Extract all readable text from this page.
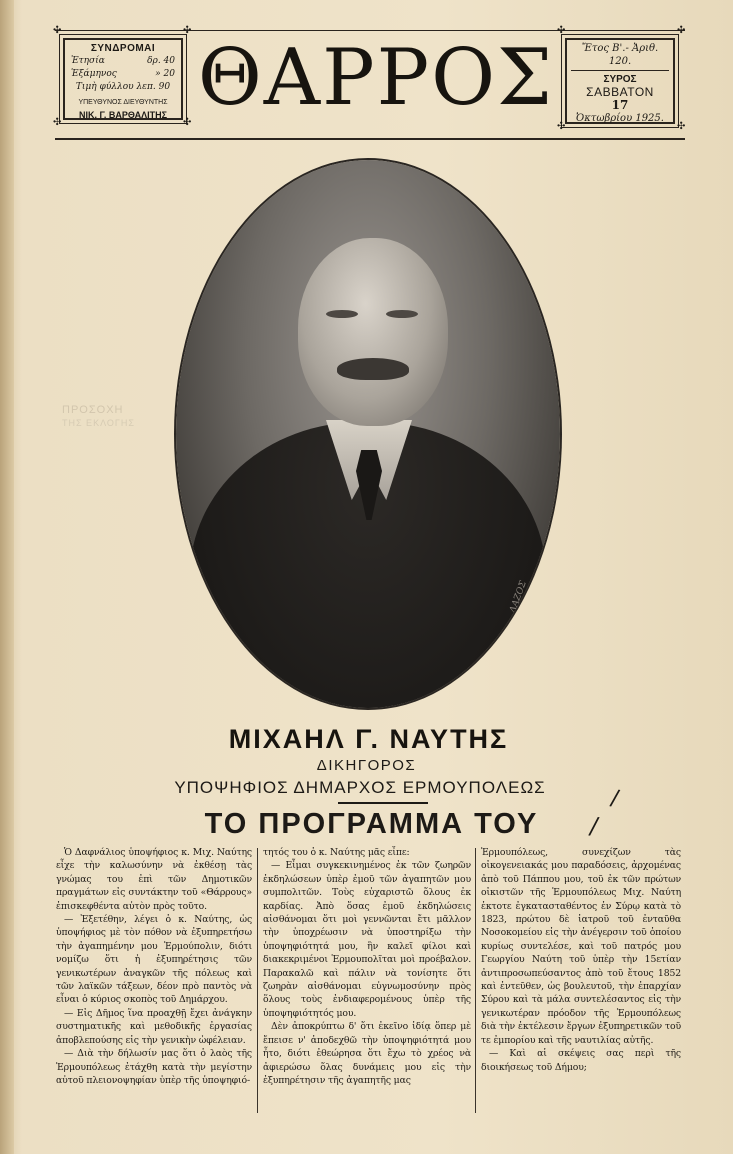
ΠΡΟΣΟΧΗ
ΤΗΣ ΕΚΛΟΓΗΣ
ΣΥΝΔΡΟΜΑΙ
Ἐτησία	δρ. 40
Ἑξάμηνος	» 20
Τιμὴ φύλλου λεπ. 90
ΥΠΕΥΘΥΝΟΣ ΔΙΕΥΘΥΝΤΗΣ
ΝΙΚ. Γ. ΒΑΡΘΑΛΙΤΗΣ ΘΑΡΡΟΣ	Ἔτος Β'.- Ἀριθ. 120.
ΣΥΡΟΣ
ΣΑΒΒΑΤΟΝ
17
Ὀκτωβρίου 1925.
✣	✣
✣	✣
✣	✣
✣	✣
ΛΑΖΟΣ
ΜΙΧΑΗΛ Γ. ΝΑΥΤΗΣ
ΔΙΚΗΓΟΡΟΣ
ΥΠΟΨΗΦΙΟΣ ΔΗΜΑΡΧΟΣ ΕΡΜΟΥΠΟΛΕΩΣ	/
ΤΟ ΠΡΟΓΡΑΜΜΑ ΤΟΥ	/

Ὁ Δαφνάλιος ὑποψήφιος κ. Μιχ. Ναύτης εἶχε τὴν καλωσύνην νὰ ἐκθέσῃ τὰς γνώμας του ἐπὶ τῶν Δημοτικῶν πραγμάτων εἰς συντάκτην τοῦ «Θάρρους» ἐπισκεφθέντα αὐτὸν πρὸς τοῦτο.

— Ἐξετέθην, λέγει ὁ κ. Ναύτης, ὡς ὑποψήφιος μὲ τὸν πόθον νὰ ἐξυπηρετήσω τὴν ἀγαπημένην μου Ἑρμούπολιν, διότι νομίζω ὅτι ἡ ἐξυπηρέτησις τῶν γενικωτέρων ἀναγκῶν τῆς πόλεως καὶ τῶν λαϊκῶν τάξεων, δέον πρὸ παντὸς νὰ εἶναι ὁ κύριος σκοπὸς τοῦ Δημάρχου.

— Εἰς Δῆμος ἵνα προαχθῇ ἔχει ἀνάγκην συστηματικῆς καὶ μεθοδικῆς ἐργασίας ἀποβλεπούσης εἰς τὴν γενικὴν ὠφέλειαν.

— Διὰ τὴν δήλωσίν μας ὅτι ὁ λαὸς τῆς Ἑρμουπόλεως ἐτάχθη κατὰ τὴν μεγίστην αὐτοῦ πλειονοψηφίαν ὑπὲρ τῆς ὑποψηφιό-

τητός του ὁ κ. Ναύτης μᾶς εἶπε:

— Εἶμαι συγκεκινημένος ἐκ τῶν ζωηρῶν ἐκδηλώσεων ὑπὲρ ἐμοῦ τῶν ἀγαπητῶν μου συμπολιτῶν. Τοὺς εὐχαριστῶ ὅλους ἐκ καρδίας. Ἀπὸ ὅσας ἐμοῦ ἐκδηλώσεις αἰσθάνομαι ὅτι μοὶ γεννῶνται ἔτι μᾶλλον τὴν ὑποχρέωσιν νὰ ὑποστηρίξω τὴν ὑποψηφιότητά μου, ἣν καλεῖ φίλοι καὶ διακεκριμένοι Ἑρμουπολῖται μοὶ προέβαλον. Παρακαλῶ καὶ πάλιν νὰ τονίσητε ὅτι ζωηρὰν αἰσθάνομαι εὐγνωμοσύνην πρὸς ὅλους τοὺς ἐνδιαφερομένους ὑπὲρ τῆς ὑποψηφιότητός μου.

Δὲν ἀποκρύπτω δ' ὅτι ἐκεῖνο ἰδίᾳ ὅπερ μὲ ἔπεισε ν' ἀποδεχθῶ τὴν ὑποψηφιότητά μου ἦτο, διότι ἐθεώρησα ὅτι ἔχω τὸ χρέος νὰ ἀφιερώσω ὅλας δυνάμεις μου εἰς τὴν ἐξυπηρέτησιν τῆς ἀγαπητῆς μας

Ἑρμουπόλεως, συνεχίζων τὰς οἰκογενειακάς μου παραδόσεις, ἀρχομένας ἀπὸ τοῦ Πάππου μου, τοῦ ἐκ τῶν πρώτων οἰκιστῶν τῆς Ἑρμουπόλεως Μιχ. Ναύτη ἐκτοτε ἐγκατασταθέντος ἐν Σύρῳ κατὰ τὸ 1823, πρώτου δὲ ἰατροῦ τοῦ ἐνταῦθα Νοσοκομείου εἰς τὴν ἀνέγερσιν τοῦ ὁποίου κυρίως συντελέσε, καὶ τοῦ πατρός μου Γεωργίου Ναύτη τοῦ ὑπὲρ τὴν 15ετίαν ἀντιπροσωπεύσαντος ἀπὸ τοῦ ἔτους 1852 καὶ ἐντεῦθεν, ὡς βουλευτοῦ, τὴν ἐπαρχίαν Σύρου καὶ τὰ μάλα συντελέσαντος εἰς τὴν γενικωτέραν πρόοδον τῆς Ἑρμουπόλεως διὰ τὴν ἐκτέλεσιν ἔργων ἐξυπηρετικῶν τοῦ τε ἐμπορίου καὶ τῆς ναυτιλίας αὐτῆς.

— Καὶ αἱ σκέψεις σας περὶ τῆς διοικήσεως τοῦ Δήμου;
